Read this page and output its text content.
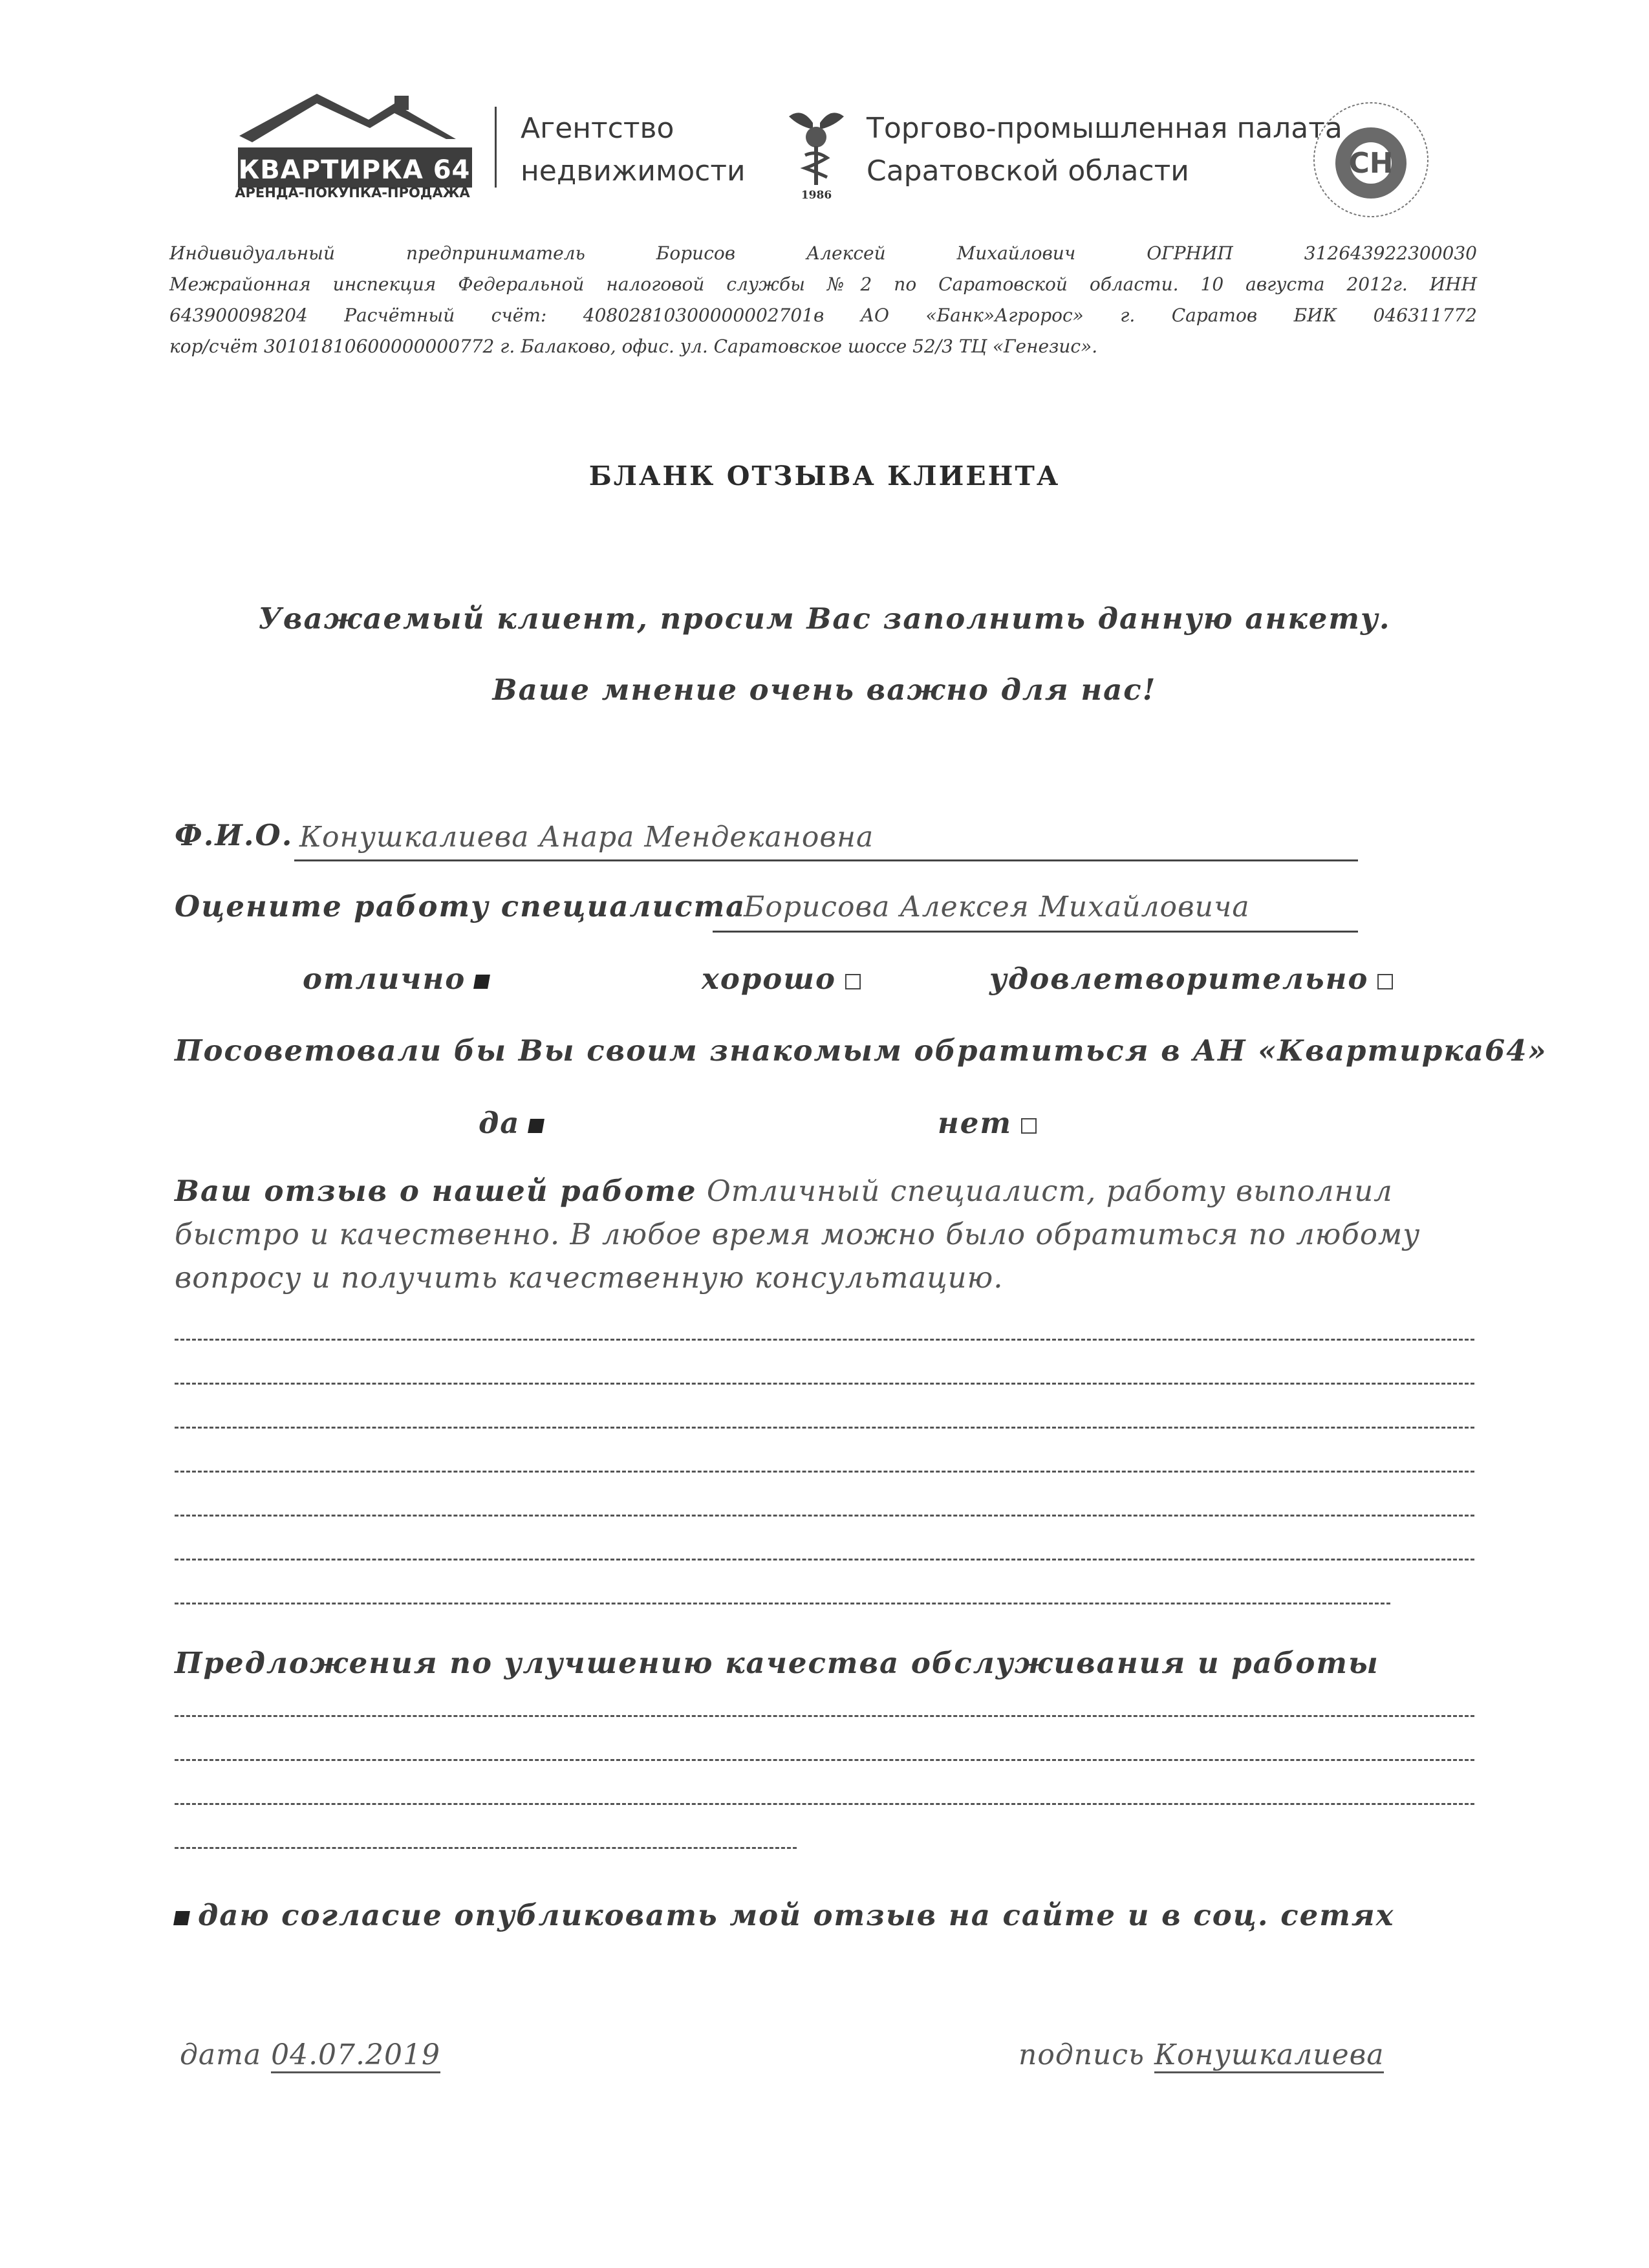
КВАРТИРКА 64
АРЕНДА-ПОКУПКА-ПРОДАЖА
Агентство
недвижимости
1986
Торгово-промышленная палата
Саратовской области	СН
Индивидуальный предприниматель Борисов Алексей Михайлович ОГРНИП 312643922300030
Межрайонная инспекция Федеральной налоговой службы №2 по Саратовской области. 10 августа 2012г. ИНН
643900098204 Расчётный счёт: 40802810300000002701в АО «Банк»Агророс» г. Саратов БИК 046311772
кор/счёт 30101810600000000772 г. Балаково, офис. ул. Саратовское шоссе 52/3 ТЦ «Генезис».
БЛАНК ОТЗЫВА КЛИЕНТА
Уважаемый клиент, просим Вас заполнить данную анкету.
Ваше мнение очень важно для нас!
Ф.И.О. Конушкалиева Анара Мендекановна
Оцените работу специалиста
Борисова Алексея Михайловича
отлично	хорошо	удовлетворительно
Посоветовали бы Вы своим знакомым обратиться в АН «Квартирка64»
да	нет
Ваш отзыв о нашей работе Отличный специалист, работу выполнил быстро и качественно. В любое время можно было обратиться по любому вопросу и получить качественную консультацию.
Предложения по улучшению качества обслуживания и работы
даю согласие опубликовать мой отзыв на сайте и в соц. сетях
дата 04.07.2019	подпись Конушкалиева
